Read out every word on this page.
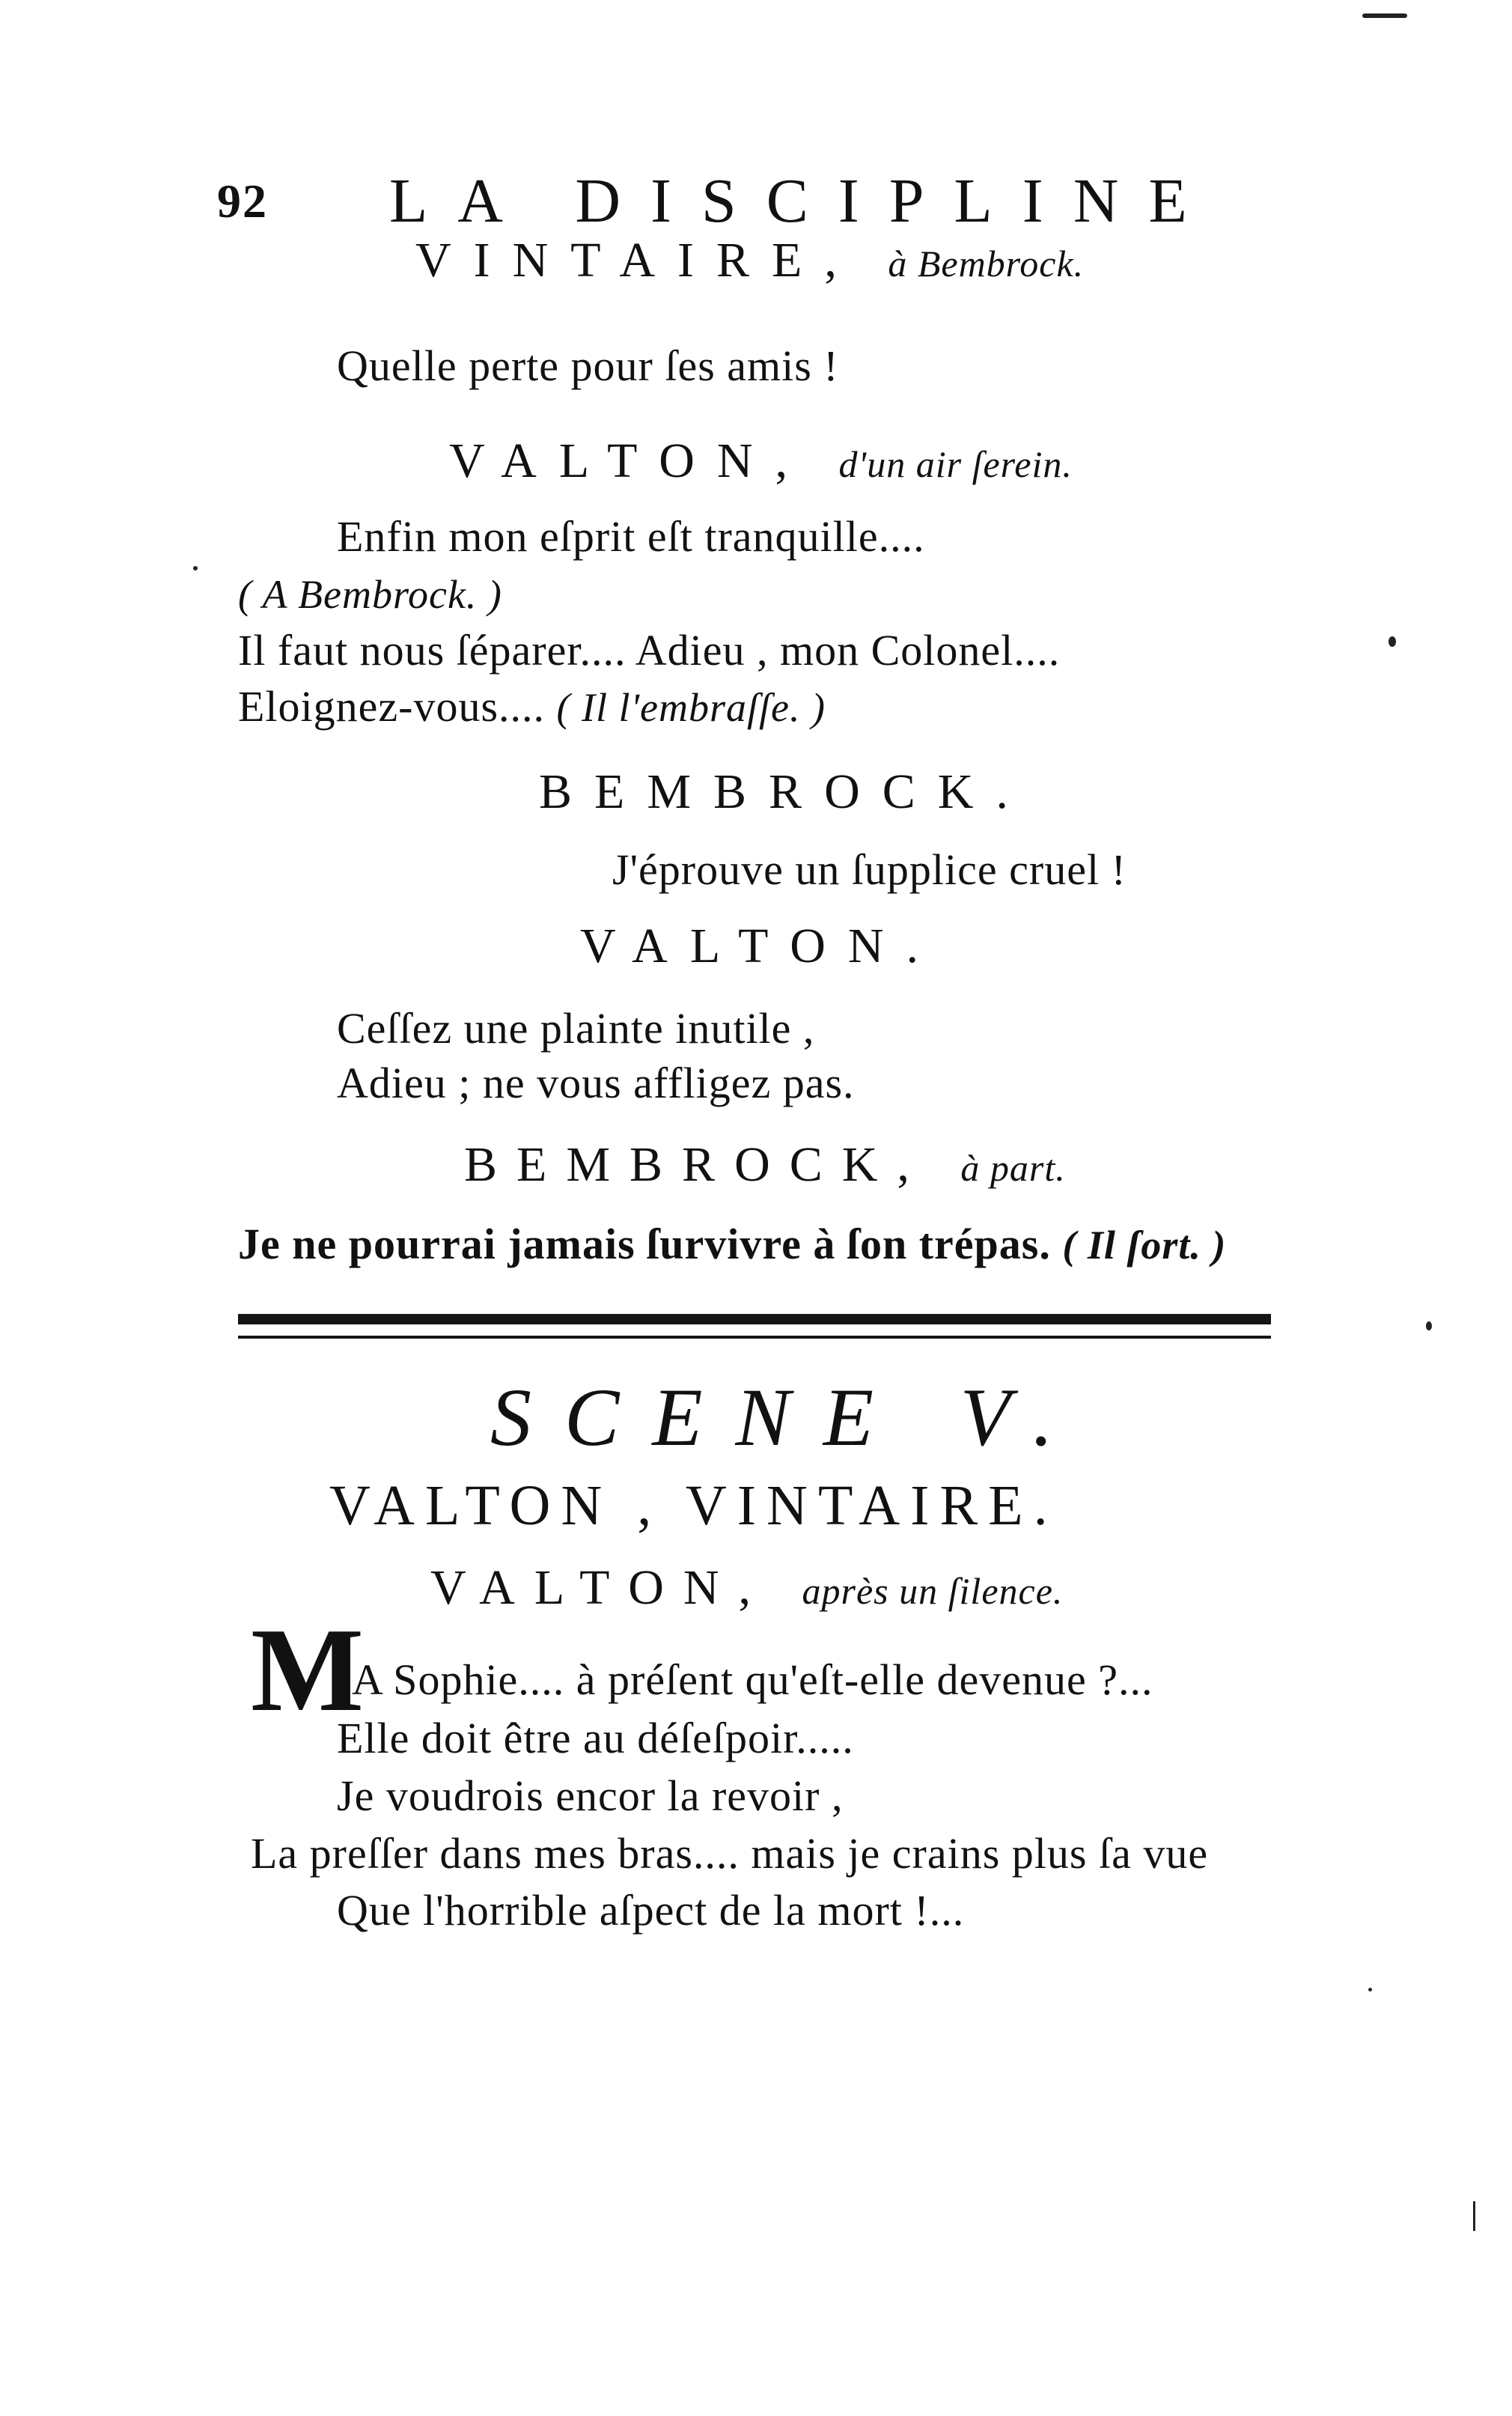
92 LA DISCIPLINE
VINTAIRE, à Bembrock.
Quelle perte pour ſes amis !
VALTON, d'un air ſerein.
Enfin mon eſprit eſt tranquille....
( A Bembrock. )
Il faut nous ſéparer.... Adieu , mon Colonel....
Eloignez-vous.... ( Il l'embraſſe. )
BEMBROCK.
J'éprouve un ſupplice cruel !
VALTON.
Ceſſez une plainte inutile ,
Adieu ; ne vous affligez pas.
BEMBROCK, à part.
Je ne pourrai jamais ſurvivre à ſon trépas. ( Il ſort. )
SCENE V.
VALTON , VINTAIRE.
VALTON, après un ſilence.
M
A Sophie.... à préſent qu'eſt-elle devenue ?...
Elle doit être au déſeſpoir.....
Je voudrois encor la revoir ,
La preſſer dans mes bras.... mais je crains plus ſa vue
Que l'horrible aſpect de la mort !...
